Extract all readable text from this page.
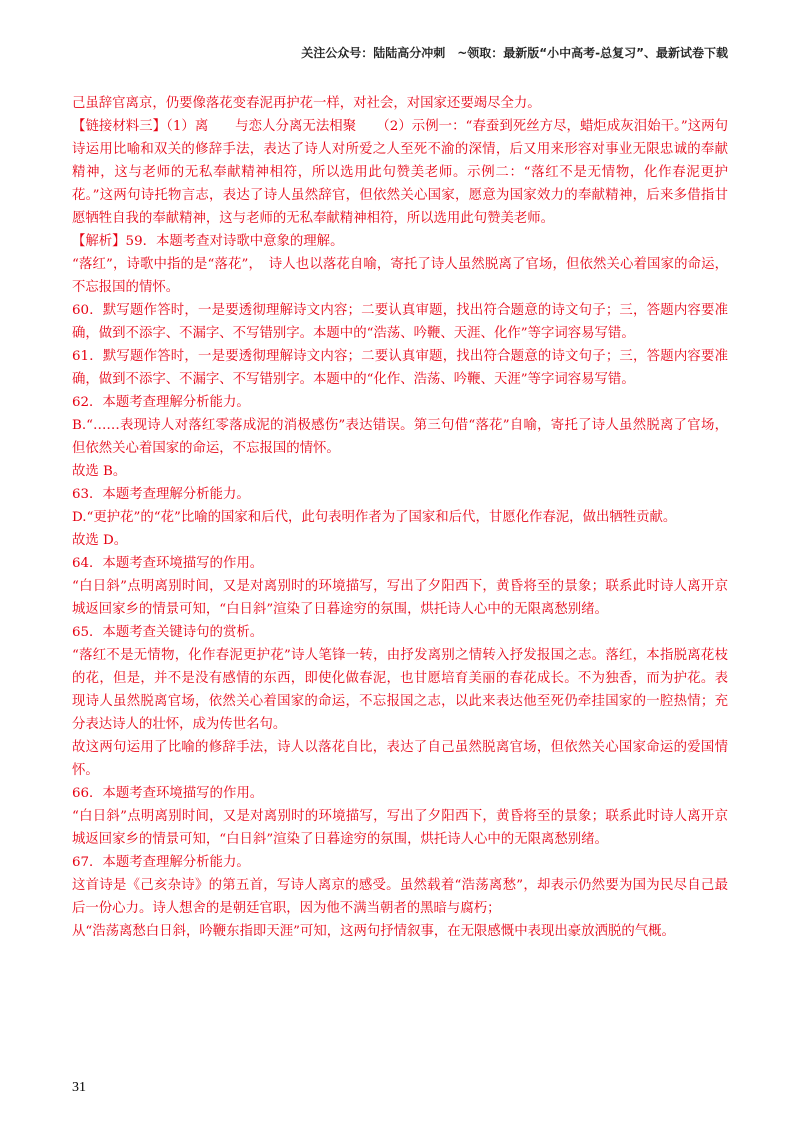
关注公众号：陆陆高分冲刺　~领取：最新版“小中高考-总复习”、最新试卷下载

己虽辞官离京，仍要像落花变春泥再护花一样，对社会，对国家还要竭尽全力。

【链接材料三】（1）离　　与恋人分离无法相聚　　（2）示例一：“春蚕到死丝方尽，蜡炬成灰泪始干。”这两句诗运用比喻和双关的修辞手法，表达了诗人对所爱之人至死不渝的深情，后又用来形容对事业无限忠诚的奉献精神，这与老师的无私奉献精神相符，所以选用此句赞美老师。示例二：“落红不是无情物，化作春泥更护花。”这两句诗托物言志，表达了诗人虽然辞官，但依然关心国家，愿意为国家效力的奉献精神，后来多借指甘愿牺牲自我的奉献精神，这与老师的无私奉献精神相符，所以选用此句赞美老师。

【解析】59．本题考查对诗歌中意象的理解。

“落红”，诗歌中指的是“落花”，　诗人也以落花自喻，寄托了诗人虽然脱离了官场，但依然关心着国家的命运，不忘报国的情怀。

60．默写题作答时，一是要透彻理解诗文内容；二要认真审题，找出符合题意的诗文句子；三，答题内容要准确，做到不添字、不漏字、不写错别字。本题中的“浩荡、吟鞭、天涯、化作”等字词容易写错。

61．默写题作答时，一是要透彻理解诗文内容；二要认真审题，找出符合题意的诗文句子；三，答题内容要准确，做到不添字、不漏字、不写错别字。本题中的“化作、浩荡、吟鞭、天涯”等字词容易写错。

62．本题考查理解分析能力。

B.“……表现诗人对落红零落成泥的消极感伤”表达错误。第三句借“落花”自喻，寄托了诗人虽然脱离了官场，但依然关心着国家的命运，不忘报国的情怀。

故选 B。

63．本题考查理解分析能力。

D.“更护花”的“花”比喻的国家和后代，此句表明作者为了国家和后代，甘愿化作春泥，做出牺牲贡献。

故选 D。

64．本题考查环境描写的作用。

“白日斜”点明离别时间，又是对离别时的环境描写，写出了夕阳西下，黄昏将至的景象；联系此时诗人离开京城返回家乡的情景可知，“白日斜”渲染了日暮途穷的氛围，烘托诗人心中的无限离愁别绪。

65．本题考查关键诗句的赏析。

“落红不是无情物，化作春泥更护花”诗人笔锋一转，由抒发离别之情转入抒发报国之志。落红，本指脱离花枝的花，但是，并不是没有感情的东西，即使化做春泥，也甘愿培育美丽的春花成长。不为独香，而为护花。表现诗人虽然脱离官场，依然关心着国家的命运，不忘报国之志，以此来表达他至死仍牵挂国家的一腔热情；充分表达诗人的壮怀，成为传世名句。

故这两句运用了比喻的修辞手法，诗人以落花自比，表达了自己虽然脱离官场，但依然关心国家命运的爱国情怀。

66．本题考查环境描写的作用。

“白日斜”点明离别时间，又是对离别时的环境描写，写出了夕阳西下，黄昏将至的景象；联系此时诗人离开京城返回家乡的情景可知，“白日斜”渲染了日暮途穷的氛围，烘托诗人心中的无限离愁别绪。

67．本题考查理解分析能力。

这首诗是《己亥杂诗》的第五首，写诗人离京的感受。虽然载着“浩荡离愁”，却表示仍然要为国为民尽自己最后一份心力。诗人想舍的是朝廷官职，因为他不满当朝者的黑暗与腐朽；

从“浩荡离愁白日斜，吟鞭东指即天涯”可知，这两句抒情叙事，在无限感慨中表现出豪放洒脱的气概。

31
